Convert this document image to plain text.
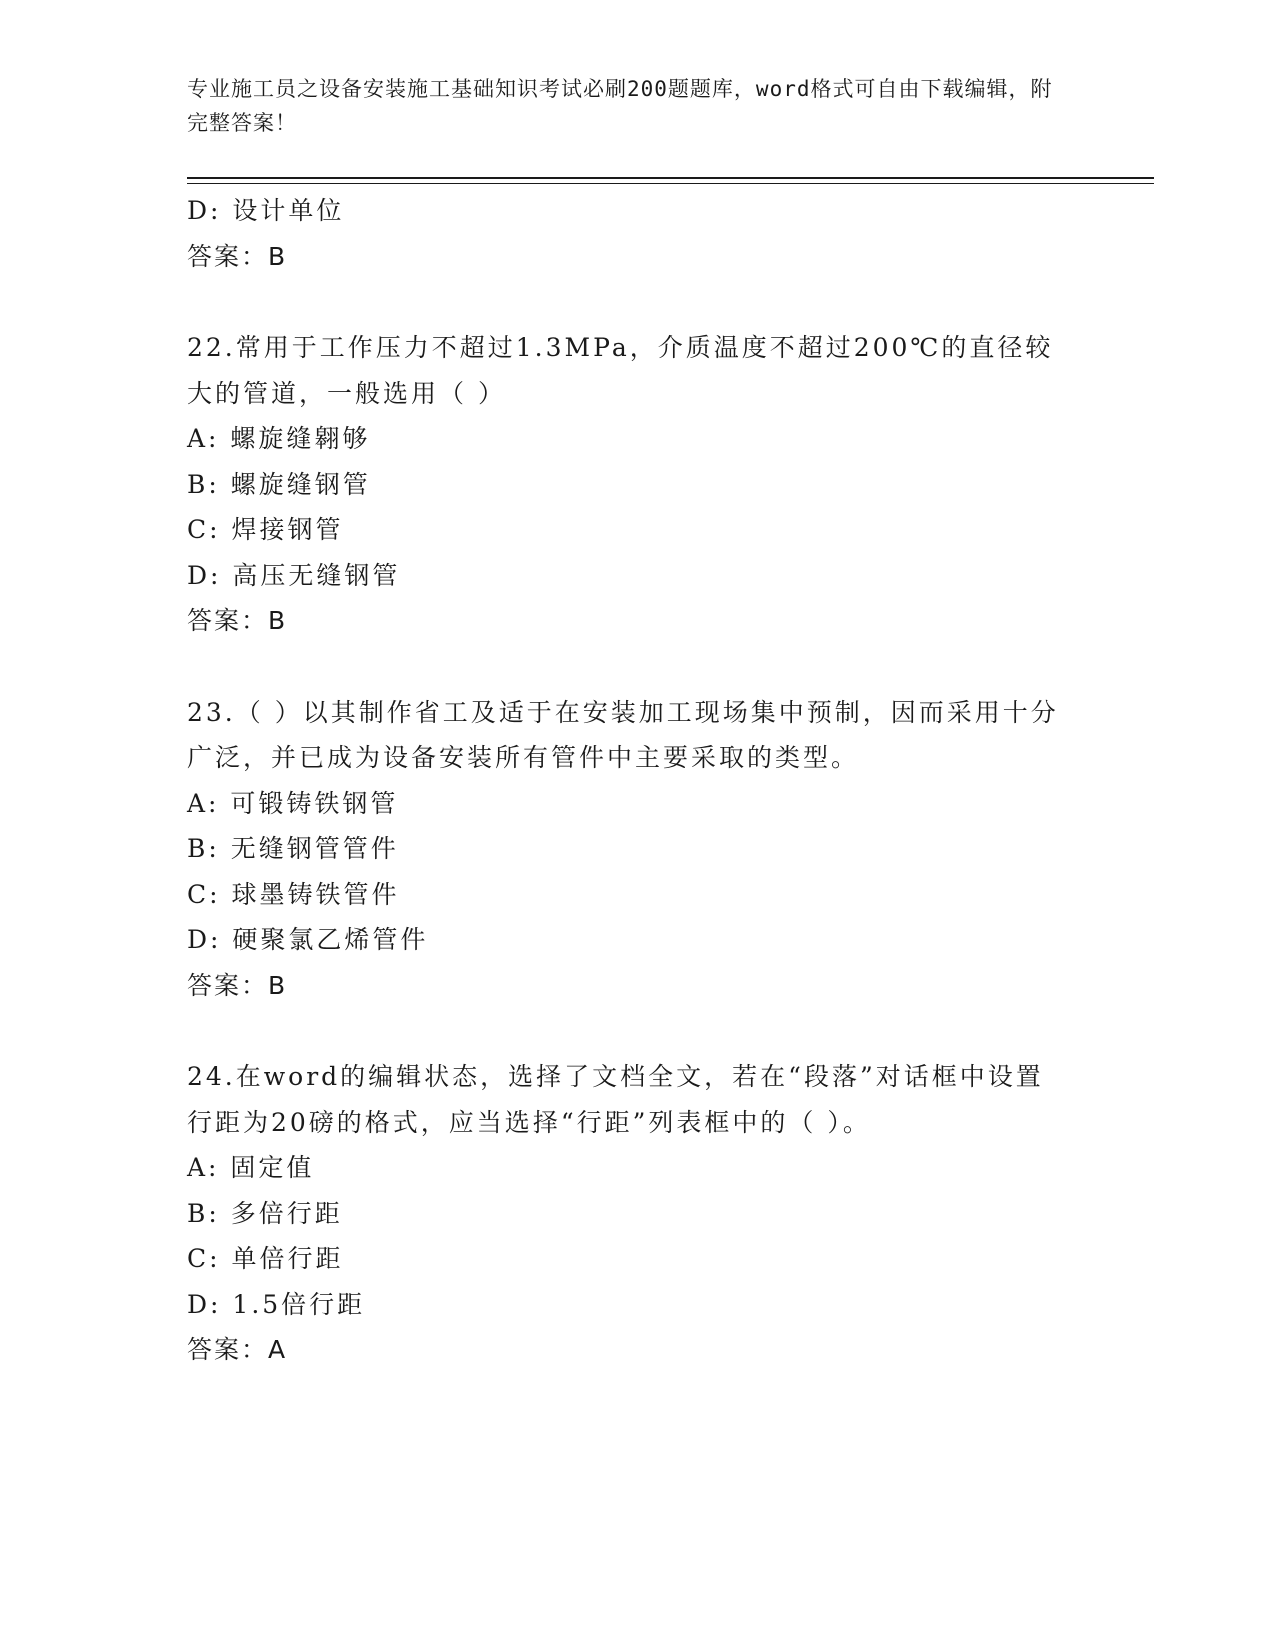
专业施工员之设备安装施工基础知识考试必刷200题题库，word格式可自由下载编辑，附完整答案！
D: 设计单位
答案：B
22.常用于工作压力不超过1.3MPa，介质温度不超过200℃的直径较大的管道，一般选用（ ）
A: 螺旋缝翱够
B: 螺旋缝钢管
C: 焊接钢管
D: 高压无缝钢管
答案：B
23.（ ）以其制作省工及适于在安装加工现场集中预制，因而采用十分广泛，并已成为设备安装所有管件中主要采取的类型。
A: 可锻铸铁钢管
B: 无缝钢管管件
C: 球墨铸铁管件
D: 硬聚氯乙烯管件
答案：B
24.在word的编辑状态，选择了文档全文，若在“段落”对话框中设置行距为20磅的格式，应当选择“行距”列表框中的（ ）。
A: 固定值
B: 多倍行距
C: 单倍行距
D: 1.5倍行距
答案：A
